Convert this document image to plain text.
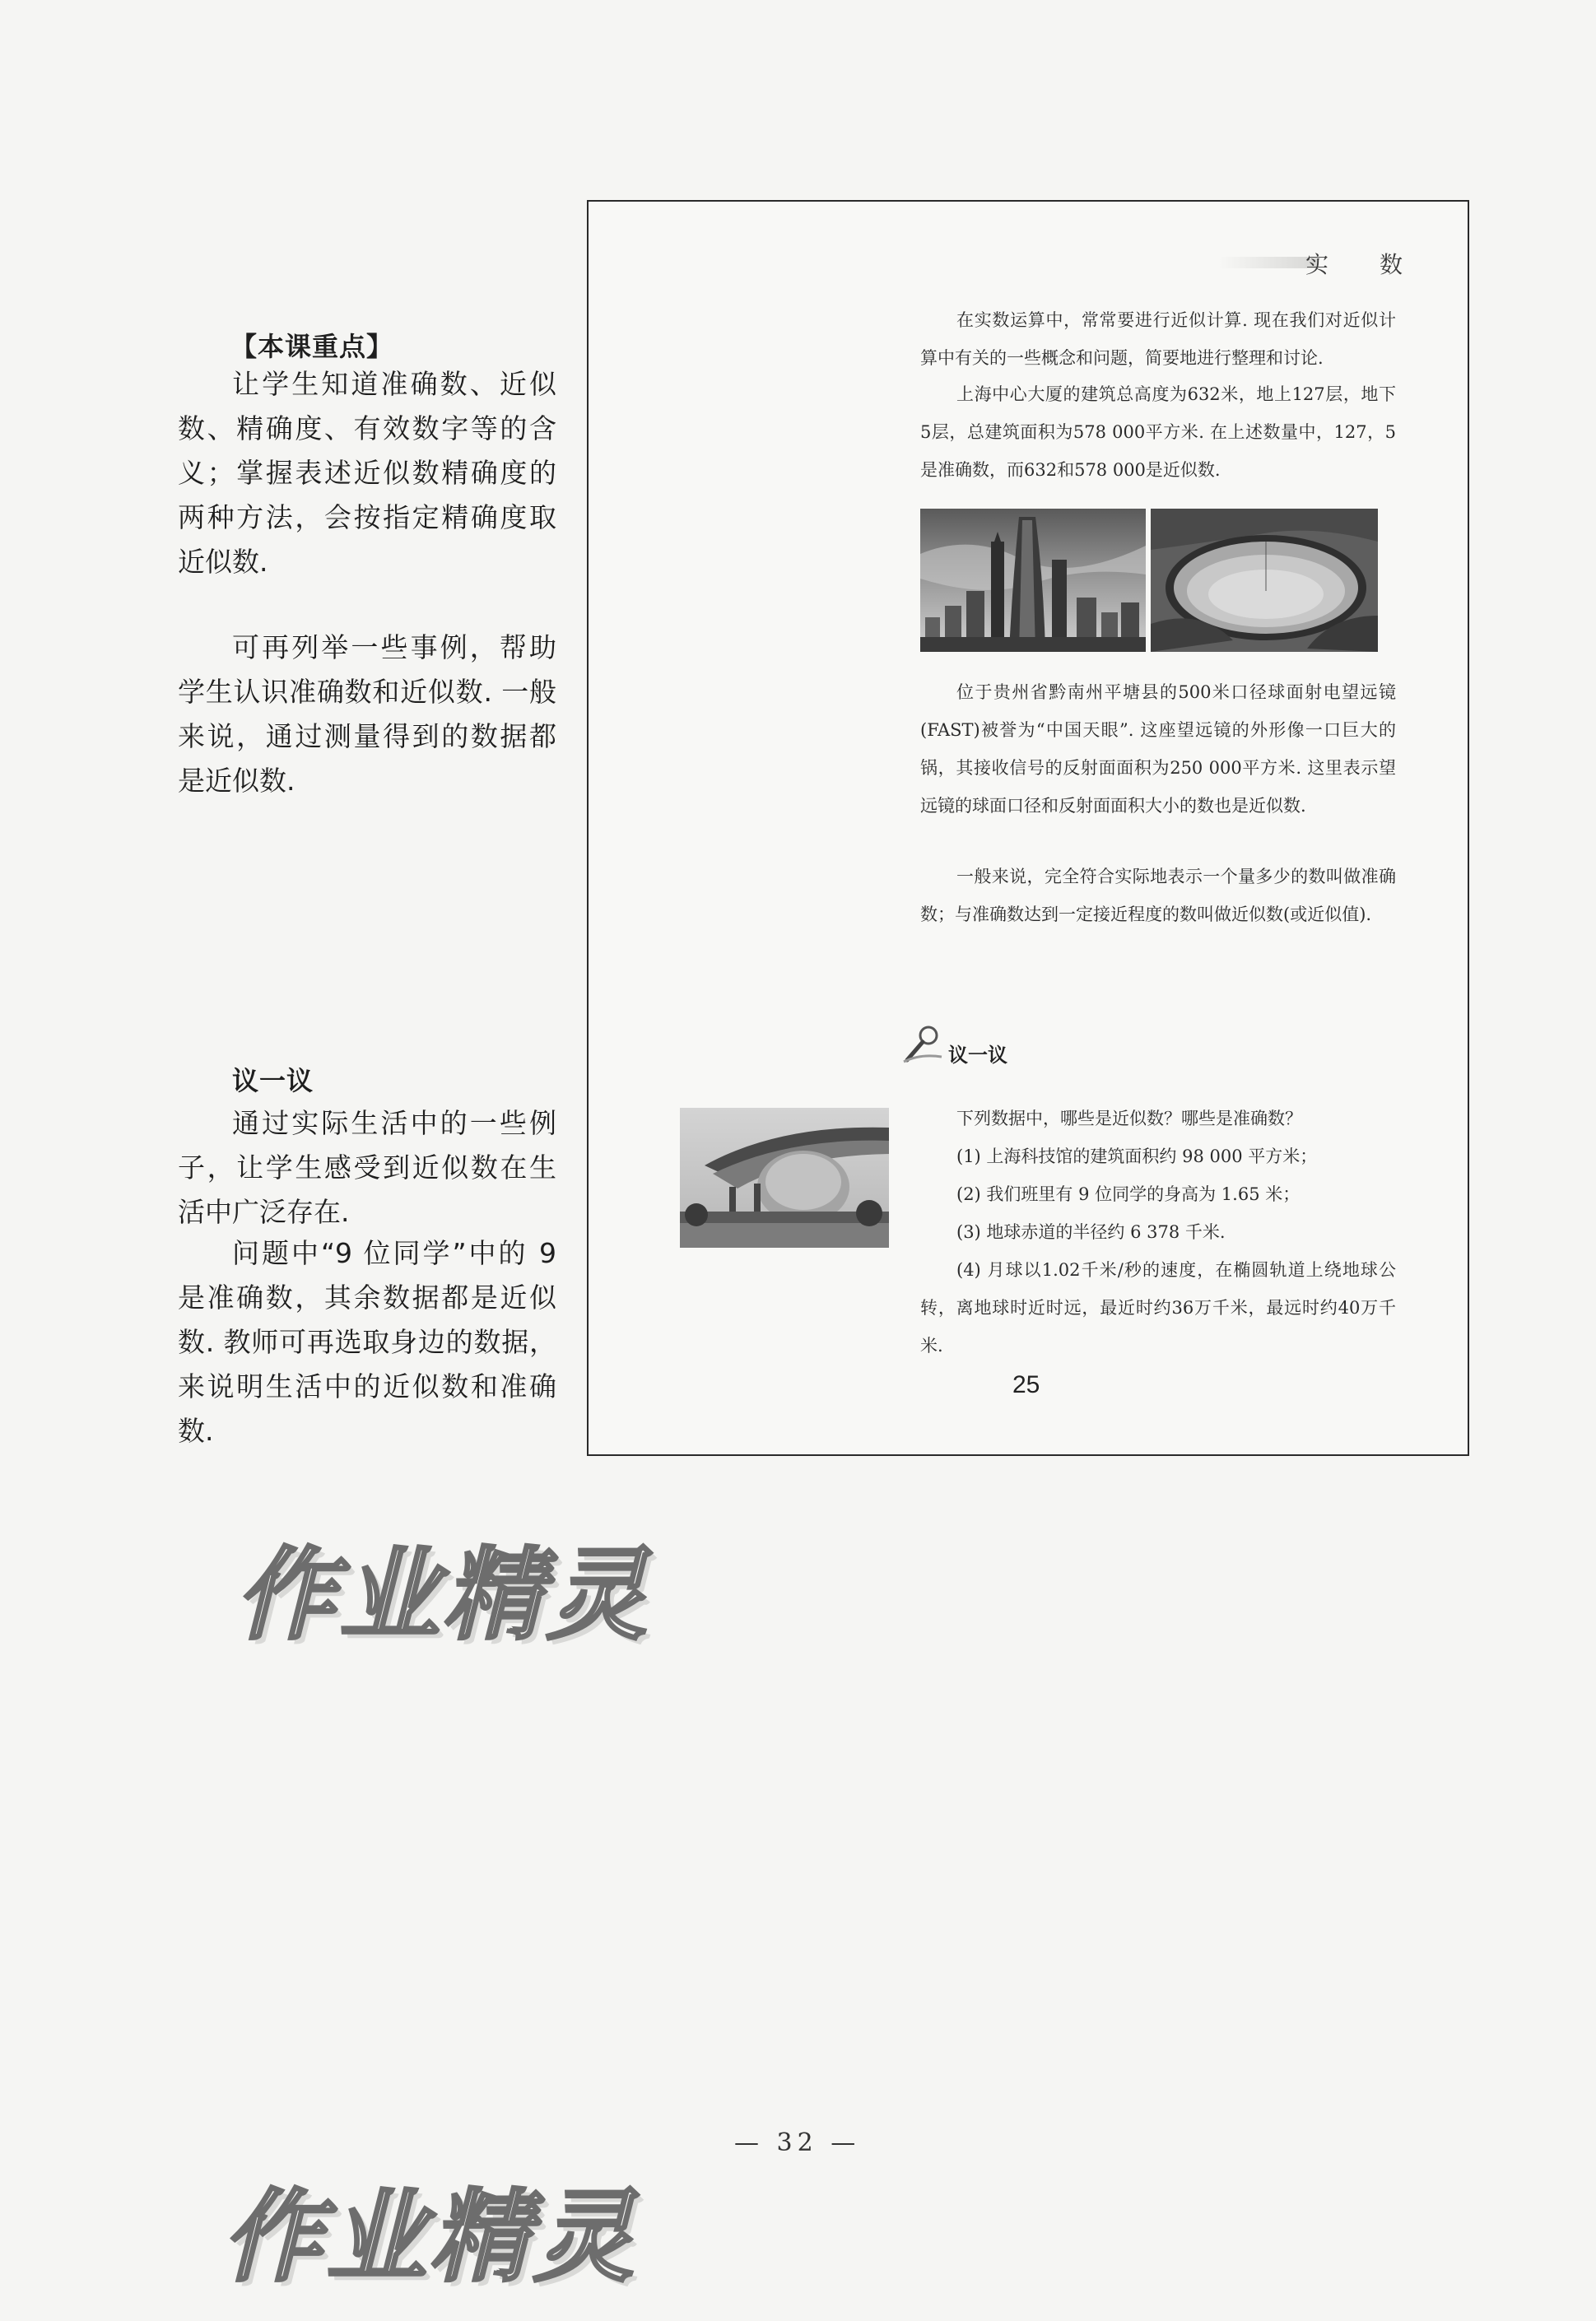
【本课重点】

让学生知道准确数、近似数、精确度、有效数字等的含义；掌握表述近似数精确度的两种方法，会按指定精确度取近似数.

可再列举一些事例，帮助学生认识准确数和近似数. 一般来说，通过测量得到的数据都是近似数.

议一议

通过实际生活中的一些例子，让学生感受到近似数在生活中广泛存在.

问题中“9 位同学”中的 9 是准确数，其余数据都是近似数. 教师可再选取身边的数据，来说明生活中的近似数和准确数.

实 数

在实数运算中，常常要进行近似计算. 现在我们对近似计算中有关的一些概念和问题，简要地进行整理和讨论.

上海中心大厦的建筑总高度为632米，地上127层，地下5层，总建筑面积为578 000平方米. 在上述数量中，127，5是准确数，而632和578 000是近似数.

位于贵州省黔南州平塘县的500米口径球面射电望远镜(FAST)被誉为“中国天眼”. 这座望远镜的外形像一口巨大的锅，其接收信号的反射面面积为250 000平方米. 这里表示望远镜的球面口径和反射面面积大小的数也是近似数.

一般来说，完全符合实际地表示一个量多少的数叫做准确数；与准确数达到一定接近程度的数叫做近似数(或近似值).

议一议

下列数据中，哪些是近似数？哪些是准确数？

(1) 上海科技馆的建筑面积约 98 000 平方米；

(2) 我们班里有 9 位同学的身高为 1.65 米；

(3) 地球赤道的半径约 6 378 千米.

(4) 月球以1.02千米/秒的速度，在椭圆轨道上绕地球公转，离地球时近时远，最近时约36万千米，最远时约40万千米.

25
作业精灵
作业精灵
— 32 —
